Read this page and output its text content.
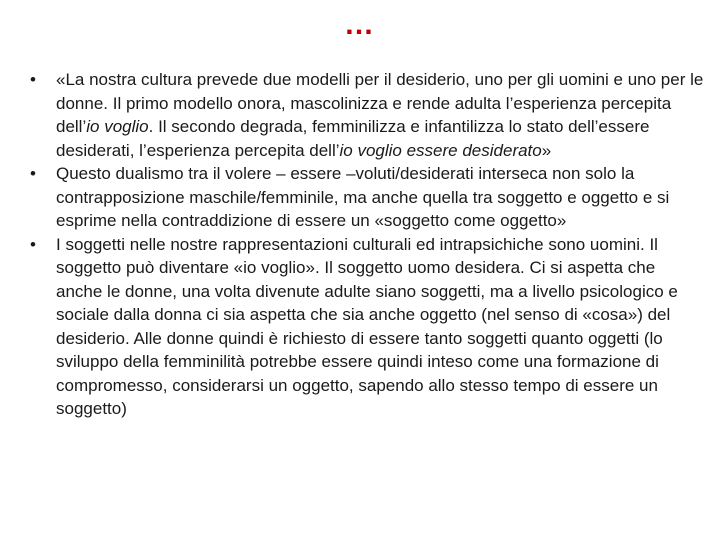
…
•	«La nostra cultura prevede due modelli per il desiderio, uno per gli uomini e uno per le donne. Il primo modello onora, mascolinizza e rende adulta l’esperienza percepita dell’io voglio. Il secondo degrada, femminilizza e infantilizza lo stato dell’essere desiderati, l’esperienza percepita dell’io voglio essere desiderato»
•	Questo dualismo tra il volere – essere –voluti/desiderati interseca non solo la contrapposizione maschile/femminile, ma anche quella tra soggetto e oggetto e si esprime nella contraddizione di essere un «soggetto come oggetto»
•	I soggetti nelle nostre rappresentazioni culturali ed intrapsichiche sono uomini. Il soggetto può diventare «io voglio». Il soggetto uomo desidera. Ci si aspetta che anche le donne, una volta divenute adulte siano soggetti, ma a livello psicologico e sociale dalla donna ci sia aspetta che sia anche oggetto (nel senso di «cosa») del desiderio. Alle donne quindi è richiesto di essere tanto soggetti quanto oggetti (lo sviluppo della femminilità potrebbe essere quindi inteso come una formazione di compromesso, considerarsi un oggetto, sapendo allo stesso tempo di essere un soggetto)
